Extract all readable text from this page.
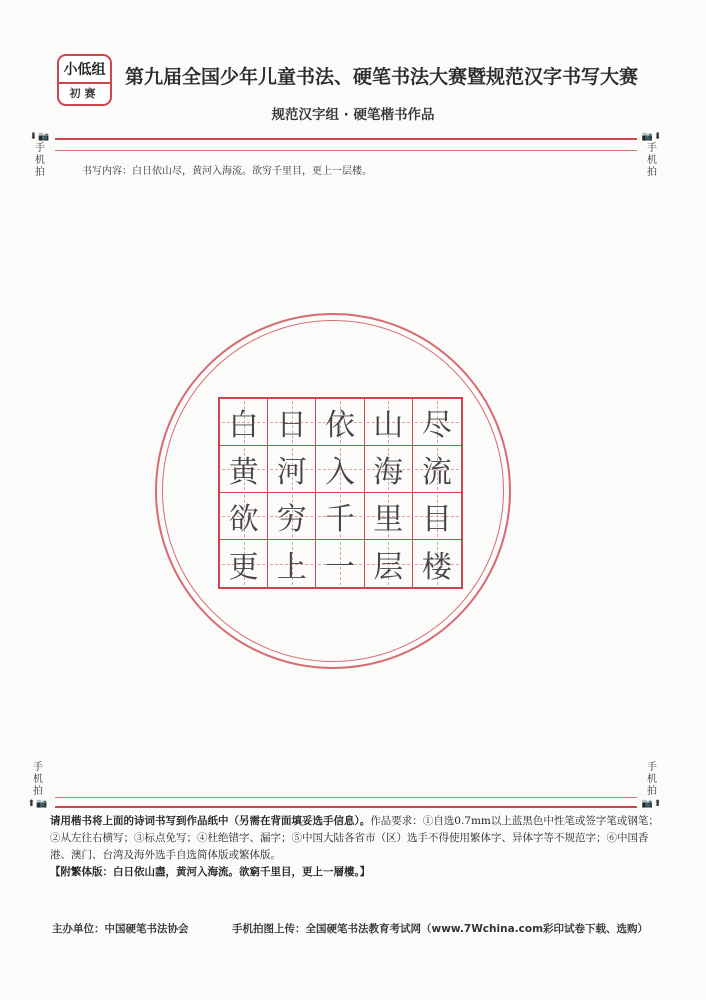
小低组
初赛
第九届全国少年儿童书法、硬笔书法大赛暨规范汉字书写大赛
规范汉字组 · 硬笔楷书作品
⬇📷
手
机
拍
📷⬇
手
机
拍
书写内容：白日依山尽，黄河入海流。欲穷千里目，更上一层楼。
白 日 依 山 尽
黄 河 入 海 流
欲 穷 千 里 目
更 上 一 层 楼
手
机
拍
⬆📷
手
机
拍
📷⬆
请用楷书将上面的诗词书写到作品纸中（另需在背面填妥选手信息）。作品要求：①自选0.7mm以上蓝黑色中性笔或签字笔或钢笔；②从左往右横写；③标点免写；④杜绝错字、漏字；⑤中国大陆各省市（区）选手不得使用繁体字、异体字等不规范字；⑥中国香港、澳门、台湾及海外选手自选简体版或繁体版。
【附繁体版：白日依山盡，黄河入海流。欲窮千里目，更上一層樓。】
主办单位：中国硬笔书法协会	手机拍图上传：全国硬笔书法教育考试网（www.7Wchina.com彩印试卷下载、选购）
